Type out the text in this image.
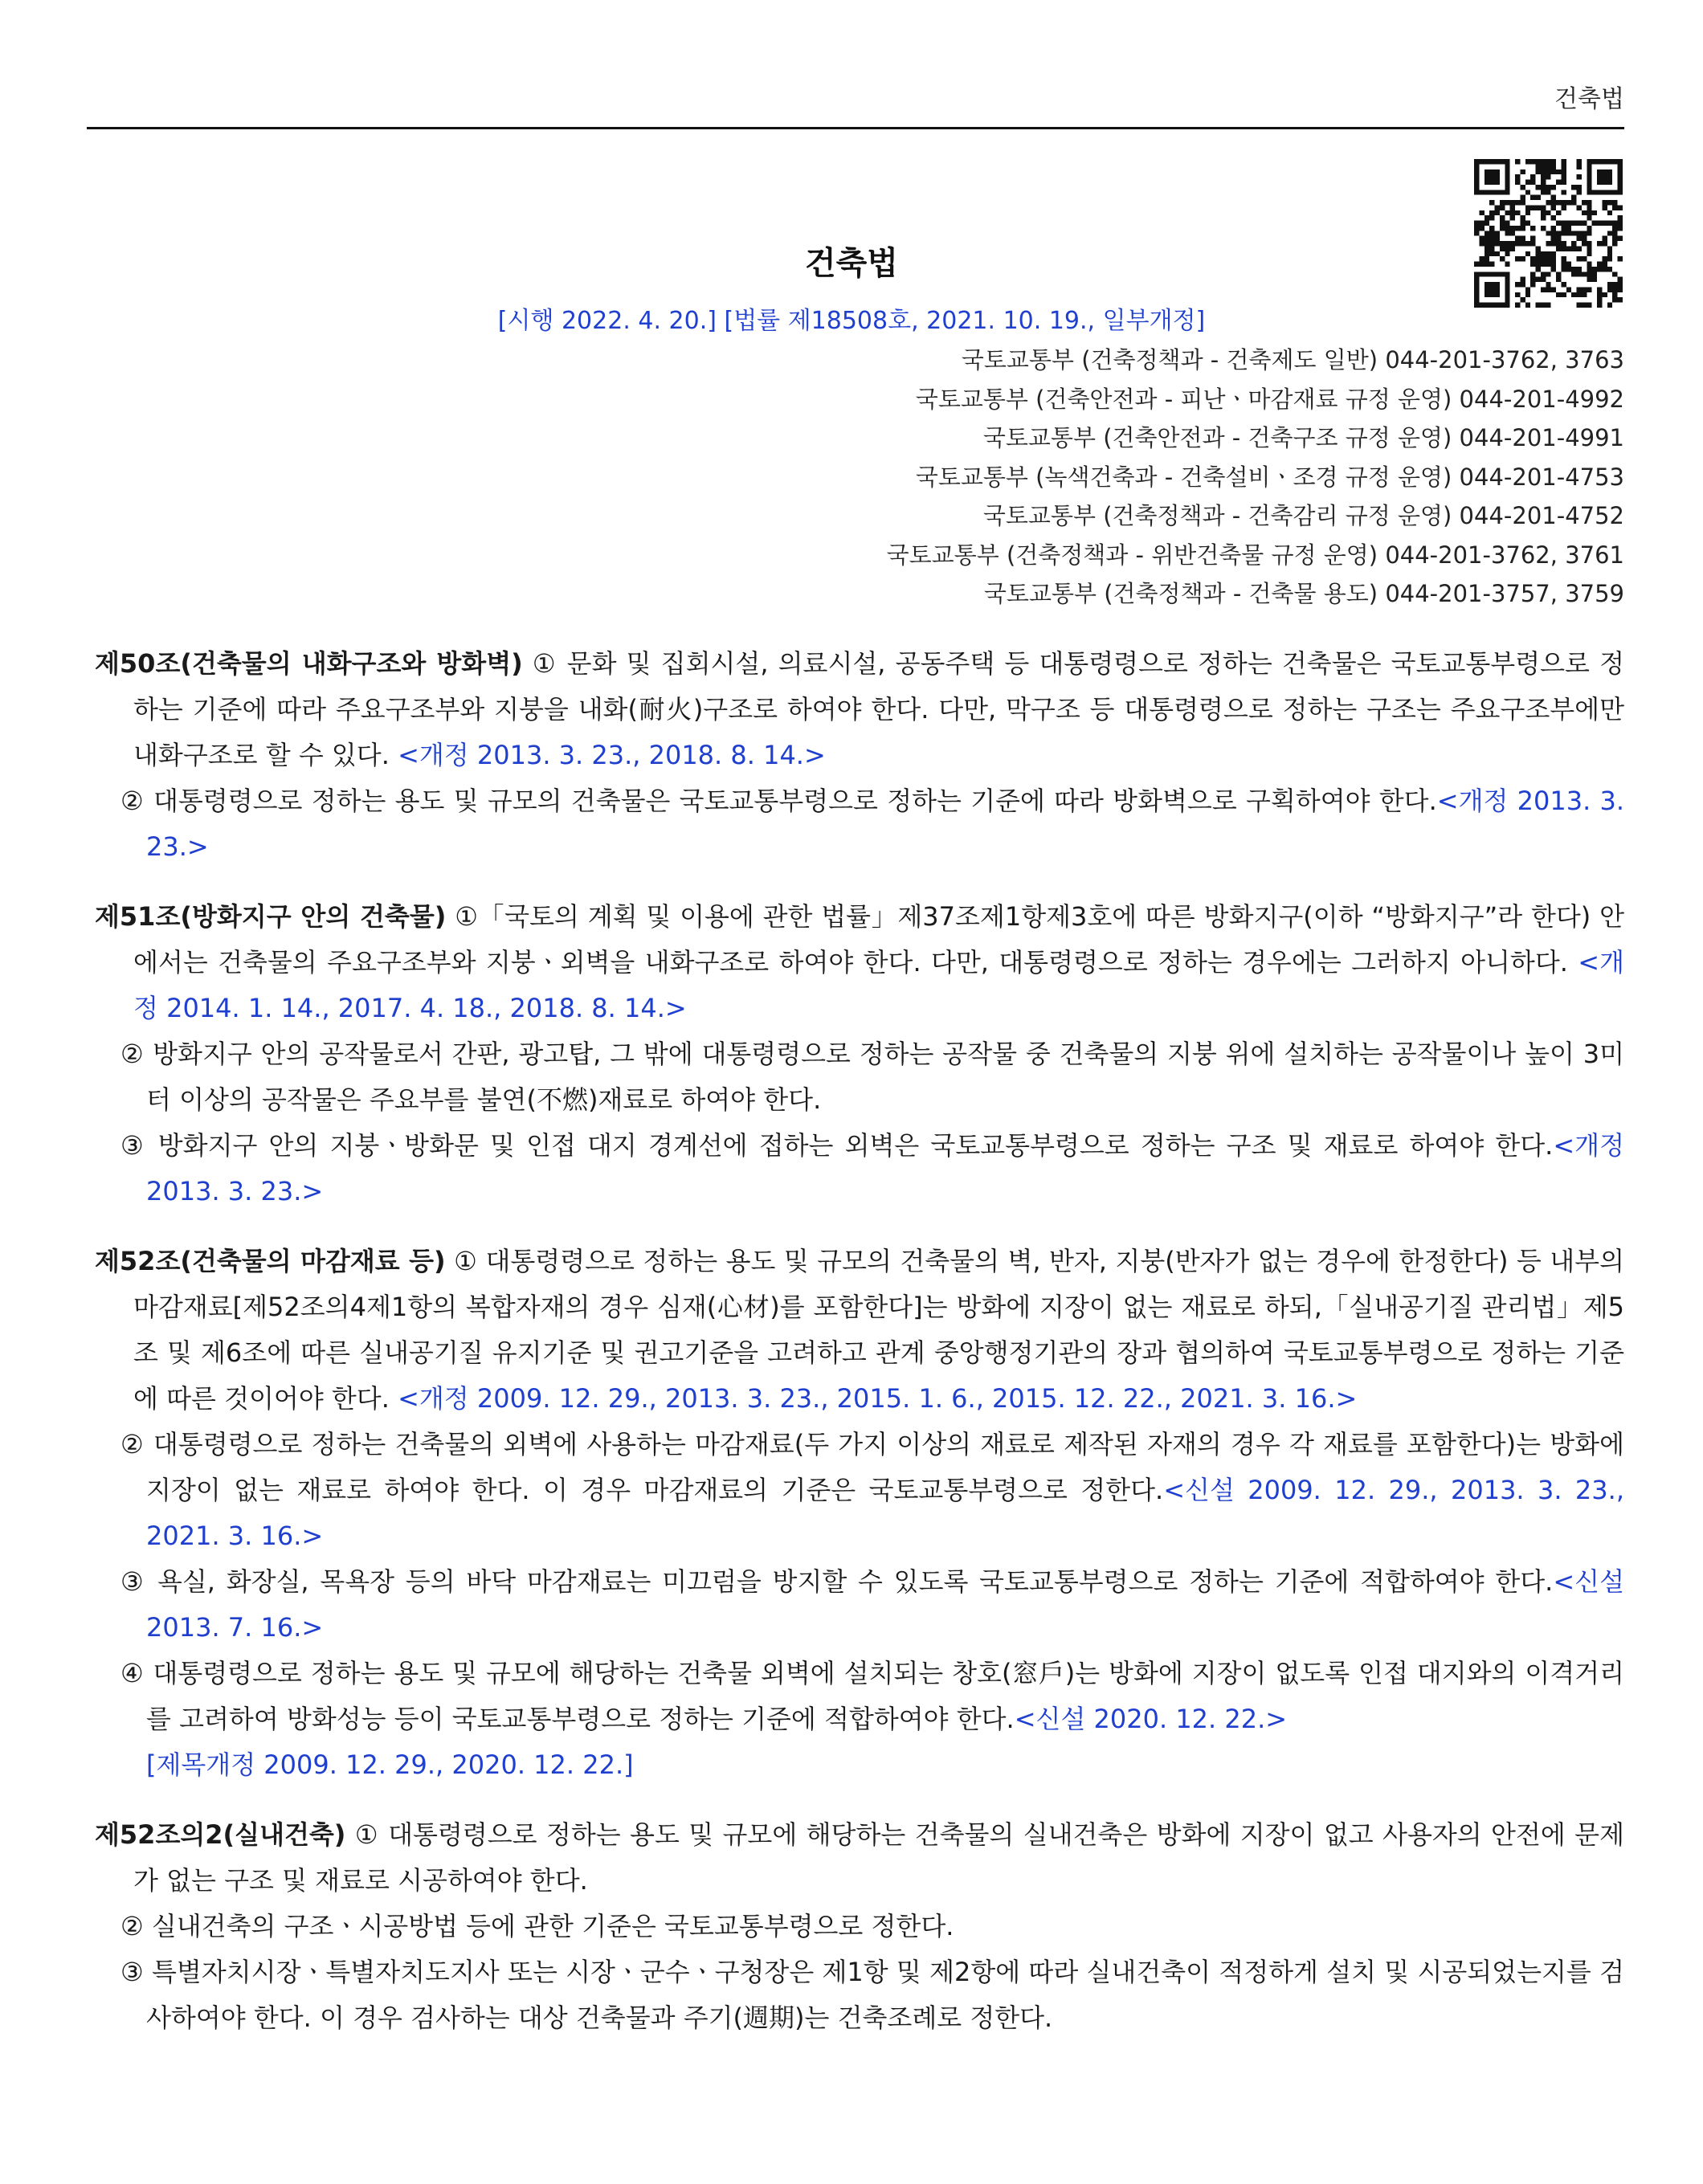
건축법
건축법
[시행 2022. 4. 20.] [법률 제18508호, 2021. 10. 19., 일부개정]
국토교통부 (건축정책과 - 건축제도 일반) 044-201-3762, 3763
국토교통부 (건축안전과 - 피난ㆍ마감재료 규정 운영) 044-201-4992
국토교통부 (건축안전과 - 건축구조 규정 운영) 044-201-4991
국토교통부 (녹색건축과 - 건축설비ㆍ조경 규정 운영) 044-201-4753
국토교통부 (건축정책과 - 건축감리 규정 운영) 044-201-4752
국토교통부 (건축정책과 - 위반건축물 규정 운영) 044-201-3762, 3761
국토교통부 (건축정책과 - 건축물 용도) 044-201-3757, 3759
제50조(건축물의 내화구조와 방화벽) ① 문화 및 집회시설, 의료시설, 공동주택 등 대통령령으로 정하는 건축물은 국토교통부령으로 정하는 기준에 따라 주요구조부와 지붕을 내화(耐火)구조로 하여야 한다. 다만, 막구조 등 대통령령으로 정하는 구조는 주요구조부에만 내화구조로 할 수 있다. <개정 2013. 3. 23., 2018. 8. 14.>
② 대통령령으로 정하는 용도 및 규모의 건축물은 국토교통부령으로 정하는 기준에 따라 방화벽으로 구획하여야 한다.<개정 2013. 3. 23.>
제51조(방화지구 안의 건축물) ①「국토의 계획 및 이용에 관한 법률」제37조제1항제3호에 따른 방화지구(이하 “방화지구”라 한다) 안에서는 건축물의 주요구조부와 지붕ㆍ외벽을 내화구조로 하여야 한다. 다만, 대통령령으로 정하는 경우에는 그러하지 아니하다. <개정 2014. 1. 14., 2017. 4. 18., 2018. 8. 14.>
② 방화지구 안의 공작물로서 간판, 광고탑, 그 밖에 대통령령으로 정하는 공작물 중 건축물의 지붕 위에 설치하는 공작물이나 높이 3미터 이상의 공작물은 주요부를 불연(不燃)재료로 하여야 한다.
③ 방화지구 안의 지붕ㆍ방화문 및 인접 대지 경계선에 접하는 외벽은 국토교통부령으로 정하는 구조 및 재료로 하여야 한다.<개정 2013. 3. 23.>
제52조(건축물의 마감재료 등) ① 대통령령으로 정하는 용도 및 규모의 건축물의 벽, 반자, 지붕(반자가 없는 경우에 한정한다) 등 내부의 마감재료[제52조의4제1항의 복합자재의 경우 심재(心材)를 포함한다]는 방화에 지장이 없는 재료로 하되,「실내공기질 관리법」제5조 및 제6조에 따른 실내공기질 유지기준 및 권고기준을 고려하고 관계 중앙행정기관의 장과 협의하여 국토교통부령으로 정하는 기준에 따른 것이어야 한다. <개정 2009. 12. 29., 2013. 3. 23., 2015. 1. 6., 2015. 12. 22., 2021. 3. 16.>
② 대통령령으로 정하는 건축물의 외벽에 사용하는 마감재료(두 가지 이상의 재료로 제작된 자재의 경우 각 재료를 포함한다)는 방화에 지장이 없는 재료로 하여야 한다. 이 경우 마감재료의 기준은 국토교통부령으로 정한다.<신설 2009. 12. 29., 2013. 3. 23., 2021. 3. 16.>
③ 욕실, 화장실, 목욕장 등의 바닥 마감재료는 미끄럼을 방지할 수 있도록 국토교통부령으로 정하는 기준에 적합하여야 한다.<신설 2013. 7. 16.>
④ 대통령령으로 정하는 용도 및 규모에 해당하는 건축물 외벽에 설치되는 창호(窓戶)는 방화에 지장이 없도록 인접 대지와의 이격거리를 고려하여 방화성능 등이 국토교통부령으로 정하는 기준에 적합하여야 한다.<신설 2020. 12. 22.>
[제목개정 2009. 12. 29., 2020. 12. 22.]
제52조의2(실내건축) ① 대통령령으로 정하는 용도 및 규모에 해당하는 건축물의 실내건축은 방화에 지장이 없고 사용자의 안전에 문제가 없는 구조 및 재료로 시공하여야 한다.
② 실내건축의 구조ㆍ시공방법 등에 관한 기준은 국토교통부령으로 정한다.
③ 특별자치시장ㆍ특별자치도지사 또는 시장ㆍ군수ㆍ구청장은 제1항 및 제2항에 따라 실내건축이 적정하게 설치 및 시공되었는지를 검사하여야 한다. 이 경우 검사하는 대상 건축물과 주기(週期)는 건축조례로 정한다.
